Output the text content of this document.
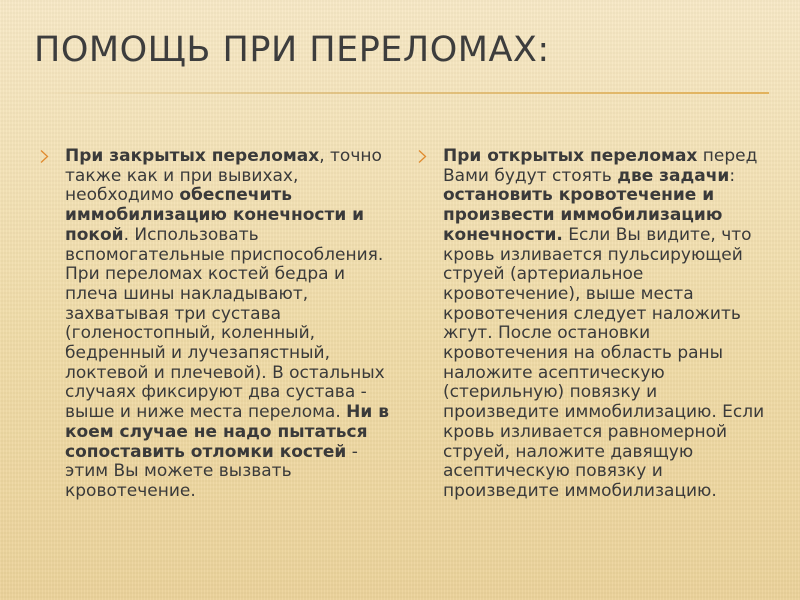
ПОМОЩЬ ПРИ ПЕРЕЛОМАХ:

При закрытых переломах, точно также как и при вывихах, необходимо обеспечить иммобилизацию конечности и покой. Использовать вспомогательные приспособления. При переломах костей бедра и плеча шины накладывают, захватывая три сустава (голеностопный, коленный, бедренный и лучезапястный, локтевой и плечевой). В остальных случаях фиксируют два сустава - выше и ниже места перелома. Ни в коем случае не надо пытаться сопоставить отломки костей - этим Вы можете вызвать кровотечение.

При открытых переломах перед Вами будут стоять две задачи: остановить кровотечение и произвести иммобилизацию конечности. Если Вы видите, что кровь изливается пульсирующей струей (артериальное кровотечение), выше места кровотечения следует наложить жгут. После остановки кровотечения на область раны наложите асептическую (стерильную) повязку и произведите иммобилизацию. Если кровь изливается равномерной струей, наложите давящую асептическую повязку и произведите иммобилизацию.
